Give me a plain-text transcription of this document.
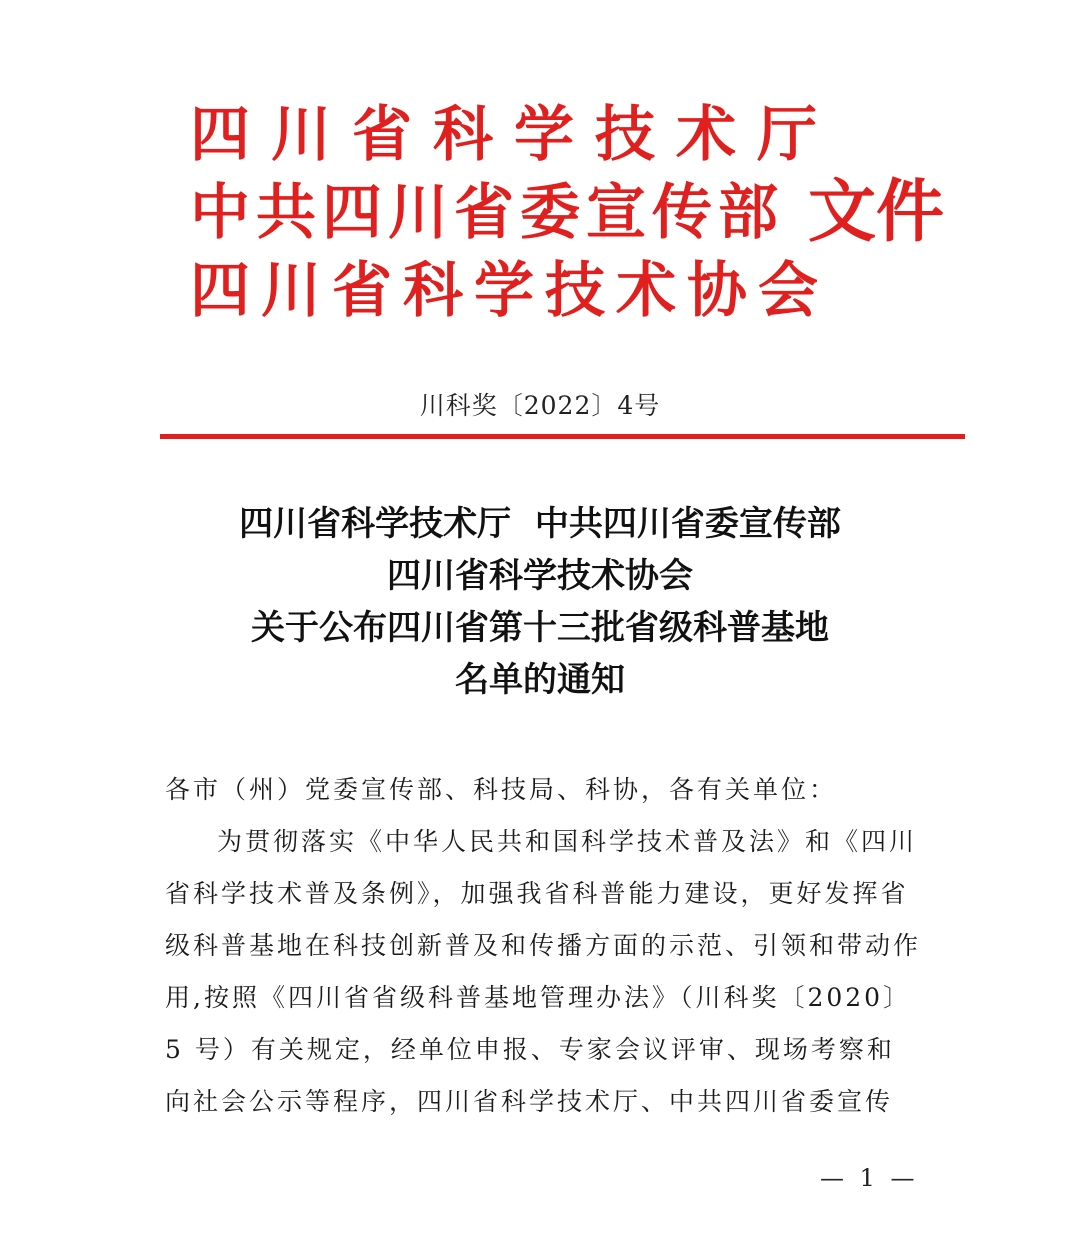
四川省科学技术厅
中共四川省委宣传部 文件
四川省科学技术协会
川科奖〔2022〕4号
四川省科学技术厅  中共四川省委宣传部
四川省科学技术协会
关于公布四川省第十三批省级科普基地
名单的通知

各市（州）党委宣传部、科技局、科协，各有关单位：

为贯彻落实《中华人民共和国科学技术普及法》和《四川

省科学技术普及条例》，加强我省科普能力建设，更好发挥省

级科普基地在科技创新普及和传播方面的示范、引领和带动作

用,按照《四川省省级科普基地管理办法》（川科奖〔2020〕

5 号）有关规定，经单位申报、专家会议评审、现场考察和

向社会公示等程序，四川省科学技术厅、中共四川省委宣传

— 1 —
